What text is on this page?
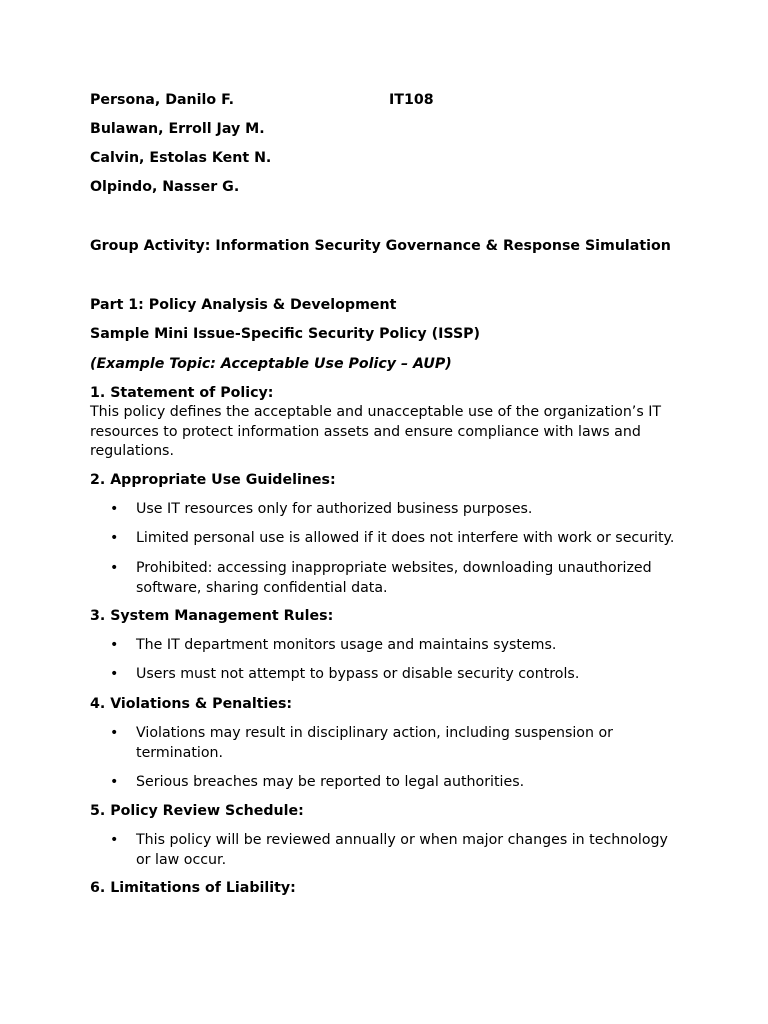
Persona, Danilo F.	IT108
Bulawan, Erroll Jay M.
Calvin, Estolas Kent N.
Olpindo, Nasser G.
Group Activity: Information Security Governance & Response Simulation
Part 1: Policy Analysis & Development
Sample Mini Issue-Specific Security Policy (ISSP)
(Example Topic: Acceptable Use Policy – AUP)
1. Statement of Policy:
This policy defines the acceptable and unacceptable use of the organization’s IT resources to protect information assets and ensure compliance with laws and regulations.
2. Appropriate Use Guidelines:
• Use IT resources only for authorized business purposes.
• Limited personal use is allowed if it does not interfere with work or security.
• Prohibited: accessing inappropriate websites, downloading unauthorized software, sharing confidential data.
3. System Management Rules:
• The IT department monitors usage and maintains systems.
• Users must not attempt to bypass or disable security controls.
4. Violations & Penalties:
• Violations may result in disciplinary action, including suspension or termination.
• Serious breaches may be reported to legal authorities.
5. Policy Review Schedule:
• This policy will be reviewed annually or when major changes in technology or law occur.
6. Limitations of Liability:
